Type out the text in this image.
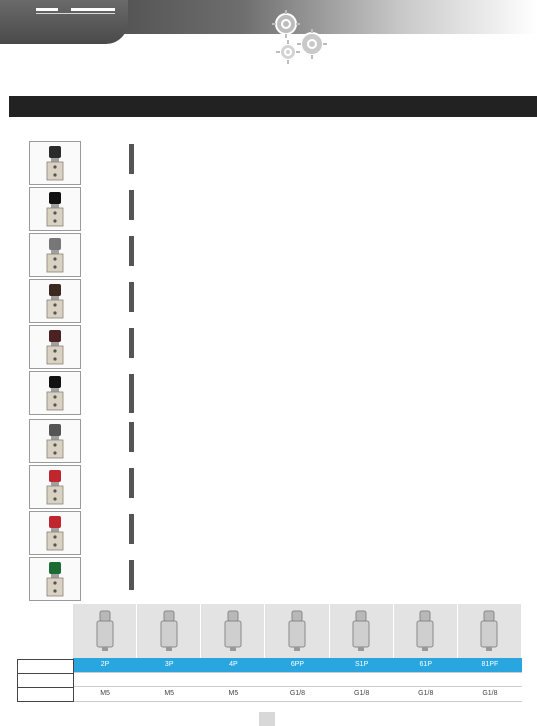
2P	3P	4P	6PP	S1P	61P	81PF
M5	M5	M5	G1/8	G1/8	G1/8	G1/8
